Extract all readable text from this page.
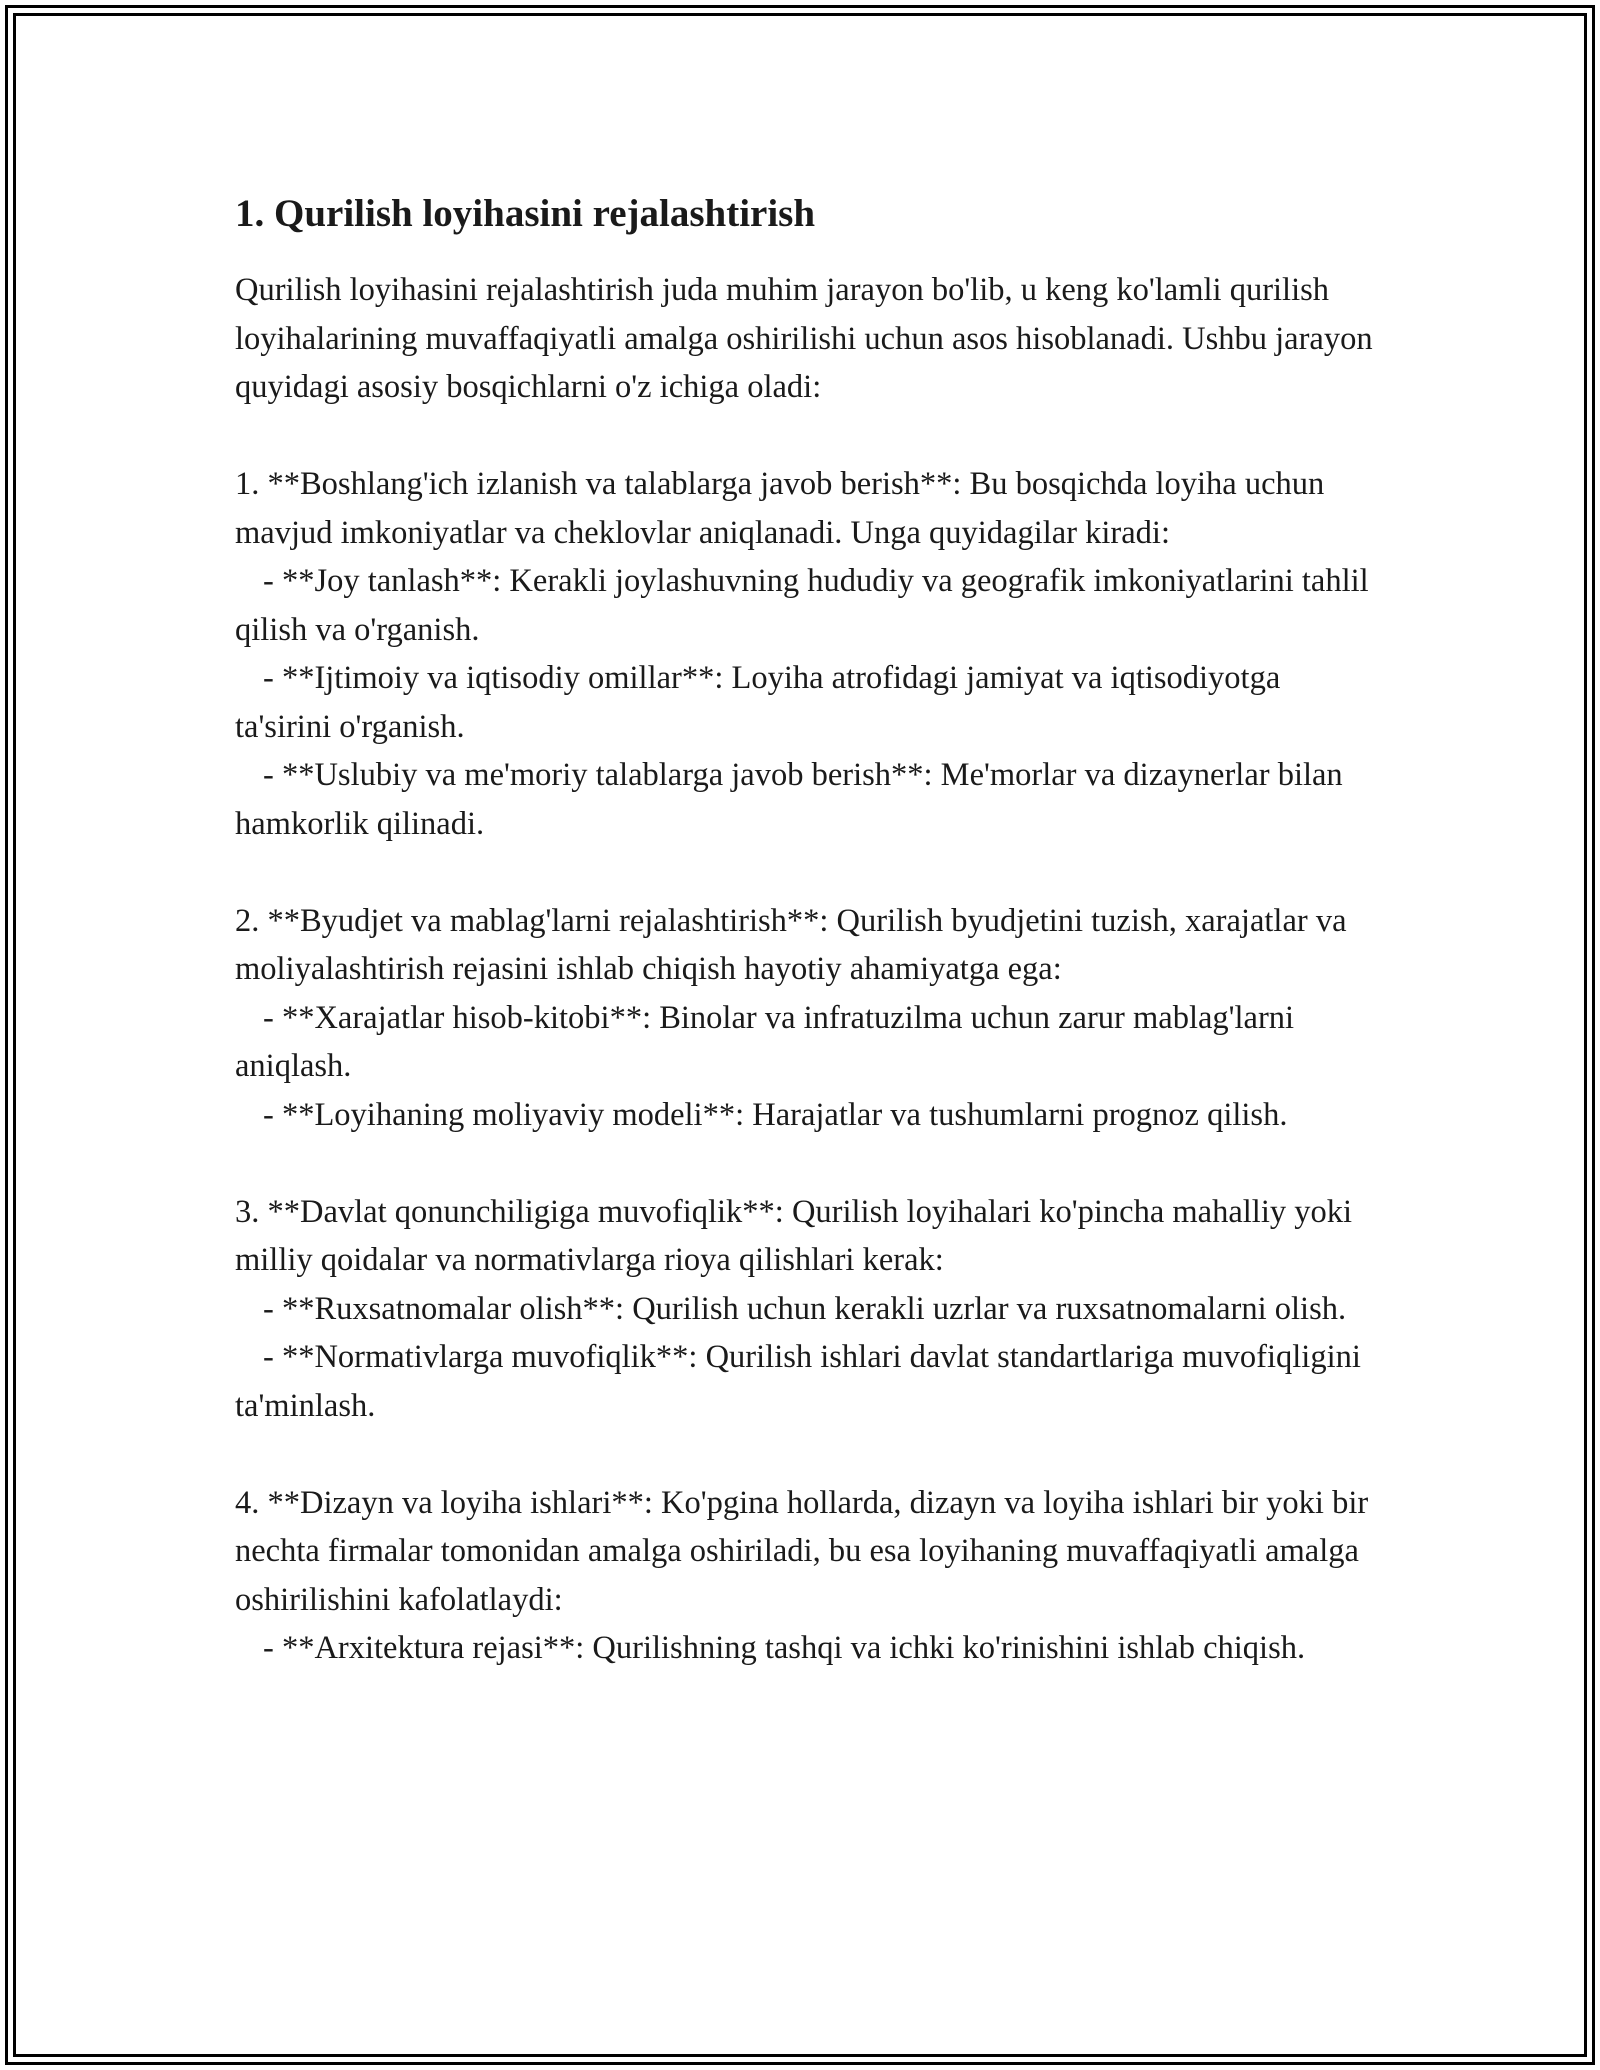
1. Qurilish loyihasini rejalashtirish

Qurilish loyihasini rejalashtirish juda muhim jarayon bo'lib, u keng ko'lamli qurilish loyihalarining muvaffaqiyatli amalga oshirilishi uchun asos hisoblanadi. Ushbu jarayon quyidagi asosiy bosqichlarni o'z ichiga oladi:

1. **Boshlang'ich izlanish va talablarga javob berish**: Bu bosqichda loyiha uchun mavjud imkoniyatlar va cheklovlar aniqlanadi. Unga quyidagilar kiradi:

- **Joy tanlash**: Kerakli joylashuvning hududiy va geografik imkoniyatlarini tahlil qilish va o'rganish.

- **Ijtimoiy va iqtisodiy omillar**: Loyiha atrofidagi jamiyat va iqtisodiyotga ta'sirini o'rganish.

- **Uslubiy va me'moriy talablarga javob berish**: Me'morlar va dizaynerlar bilan hamkorlik qilinadi.

2. **Byudjet va mablag'larni rejalashtirish**: Qurilish byudjetini tuzish, xarajatlar va moliyalashtirish rejasini ishlab chiqish hayotiy ahamiyatga ega:

- **Xarajatlar hisob-kitobi**: Binolar va infratuzilma uchun zarur mablag'larni aniqlash.

- **Loyihaning moliyaviy modeli**: Harajatlar va tushumlarni prognoz qilish.

3. **Davlat qonunchiligiga muvofiqlik**: Qurilish loyihalari ko'pincha mahalliy yoki milliy qoidalar va normativlarga rioya qilishlari kerak:

- **Ruxsatnomalar olish**: Qurilish uchun kerakli uzrlar va ruxsatnomalarni olish.

- **Normativlarga muvofiqlik**: Qurilish ishlari davlat standartlariga muvofiqligini ta'minlash.

4. **Dizayn va loyiha ishlari**: Ko'pgina hollarda, dizayn va loyiha ishlari bir yoki bir nechta firmalar tomonidan amalga oshiriladi, bu esa loyihaning muvaffaqiyatli amalga oshirilishini kafolatlaydi:

- **Arxitektura rejasi**: Qurilishning tashqi va ichki ko'rinishini ishlab chiqish.
